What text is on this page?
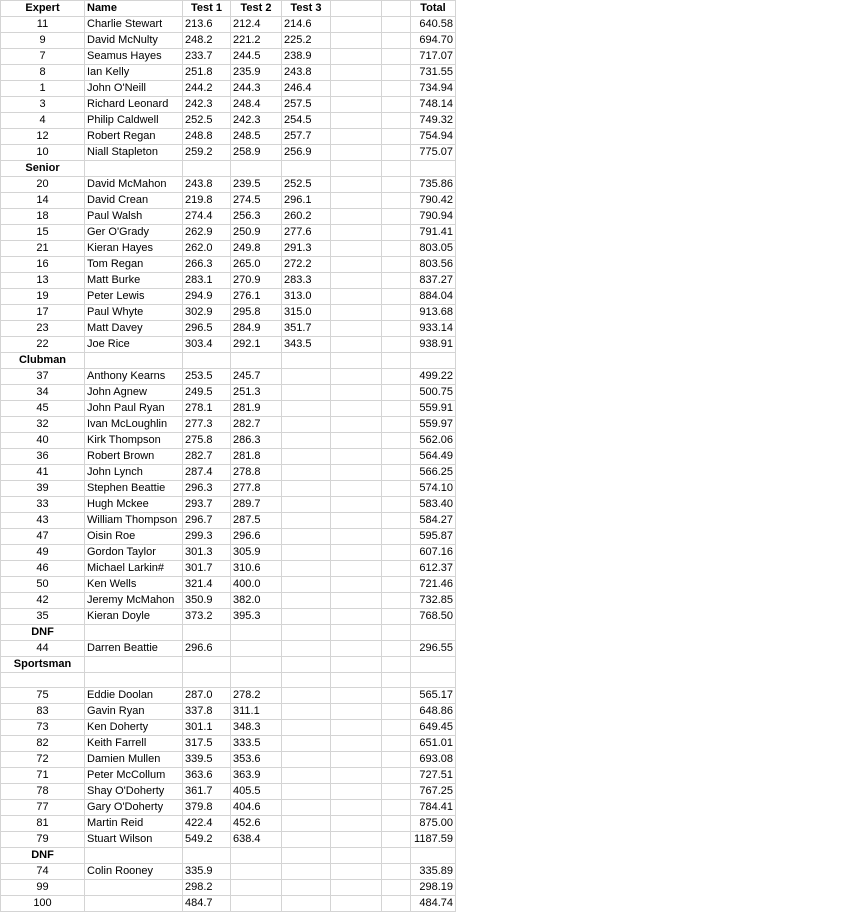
Expert	Name	Test 1	Test 2	Test 3			Total
11	Charlie Stewart	213.6	212.4	214.6			640.58
9	David McNulty	248.2	221.2	225.2			694.70
7	Seamus Hayes	233.7	244.5	238.9			717.07
8	Ian Kelly	251.8	235.9	243.8			731.55
1	John O'Neill	244.2	244.3	246.4			734.94
3	Richard Leonard	242.3	248.4	257.5			748.14
4	Philip Caldwell	252.5	242.3	254.5			749.32
12	Robert Regan	248.8	248.5	257.7			754.94
10	Niall Stapleton	259.2	258.9	256.9			775.07
Senior							
20	David McMahon	243.8	239.5	252.5			735.86
14	David Crean	219.8	274.5	296.1			790.42
18	Paul Walsh	274.4	256.3	260.2			790.94
15	Ger O'Grady	262.9	250.9	277.6			791.41
21	Kieran Hayes	262.0	249.8	291.3			803.05
16	Tom Regan	266.3	265.0	272.2			803.56
13	Matt Burke	283.1	270.9	283.3			837.27
19	Peter Lewis	294.9	276.1	313.0			884.04
17	Paul Whyte	302.9	295.8	315.0			913.68
23	Matt Davey	296.5	284.9	351.7			933.14
22	Joe Rice	303.4	292.1	343.5			938.91
Clubman							
37	Anthony Kearns	253.5	245.7				499.22
34	John Agnew	249.5	251.3				500.75
45	John Paul Ryan	278.1	281.9				559.91
32	Ivan McLoughlin	277.3	282.7				559.97
40	Kirk Thompson	275.8	286.3				562.06
36	Robert Brown	282.7	281.8				564.49
41	John Lynch	287.4	278.8				566.25
39	Stephen Beattie	296.3	277.8				574.10
33	Hugh Mckee	293.7	289.7				583.40
43	William Thompson	296.7	287.5				584.27
47	Oisin Roe	299.3	296.6				595.87
49	Gordon Taylor	301.3	305.9				607.16
46	Michael Larkin#	301.7	310.6				612.37
50	Ken Wells	321.4	400.0				721.46
42	Jeremy McMahon	350.9	382.0				732.85
35	Kieran Doyle	373.2	395.3				768.50
DNF							
44	Darren Beattie	296.6					296.55
Sportsman							

75	Eddie Doolan	287.0	278.2				565.17
83	Gavin Ryan	337.8	311.1				648.86
73	Ken Doherty	301.1	348.3				649.45
82	Keith Farrell	317.5	333.5				651.01
72	Damien Mullen	339.5	353.6				693.08
71	Peter McCollum	363.6	363.9				727.51
78	Shay O'Doherty	361.7	405.5				767.25
77	Gary O'Doherty	379.8	404.6				784.41
81	Martin Reid	422.4	452.6				875.00
79	Stuart Wilson	549.2	638.4				1187.59
DNF							
74	Colin Rooney	335.9					335.89
99		298.2					298.19
100		484.7					484.74
